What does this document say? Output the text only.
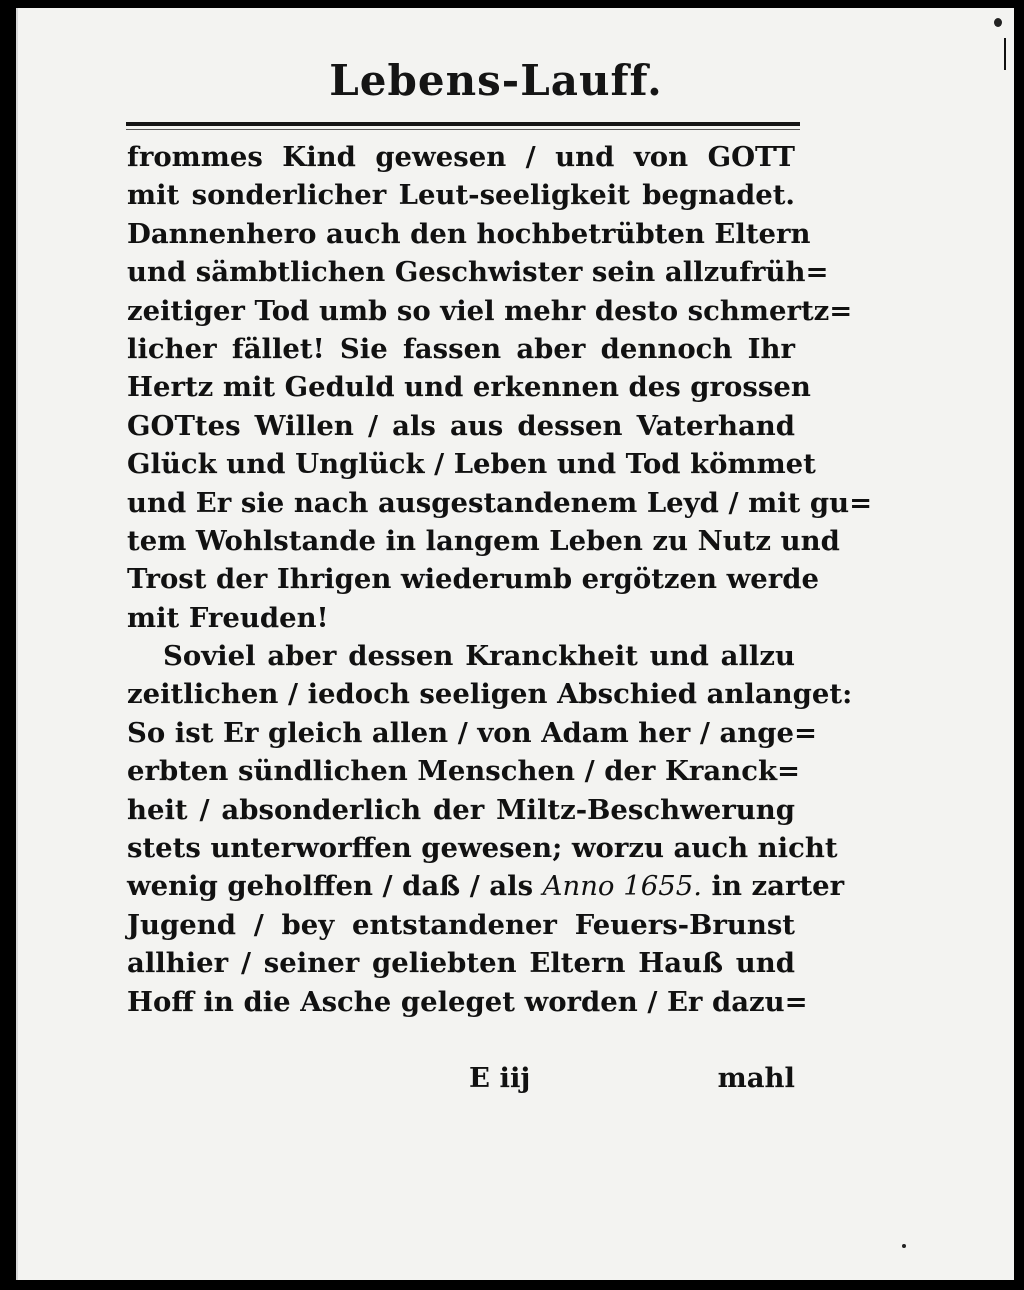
Lebens-Lauff.
frommes Kind gewesen / und von GOTT
mit sonderlicher Leut-seeligkeit begnadet.
Dannenhero auch den hochbetrübten Eltern
und sämbtlichen Geschwister sein allzufrüh=
zeitiger Tod umb so viel mehr desto schmertz=
licher fället! Sie fassen aber dennoch Ihr
Hertz mit Geduld und erkennen des grossen
GOTtes Willen / als aus dessen Vaterhand
Glück und Unglück / Leben und Tod kömmet
und Er sie nach ausgestandenem Leyd / mit gu=
tem Wohlstande in langem Leben zu Nutz und
Trost der Ihrigen wiederumb ergötzen werde
mit Freuden!
Soviel aber dessen Kranckheit und allzu
zeitlichen / iedoch seeligen Abschied anlanget:
So ist Er gleich allen / von Adam her / ange=
erbten sündlichen Menschen / der Kranck=
heit / absonderlich der Miltz-Beschwerung
stets unterworffen gewesen; worzu auch nicht
wenig geholffen / daß / als Anno 1655. in zarter
Jugend / bey entstandener Feuers-Brunst
allhier / seiner geliebten Eltern Hauß und
Hoff in die Asche geleget worden / Er dazu=
E iij	mahl
